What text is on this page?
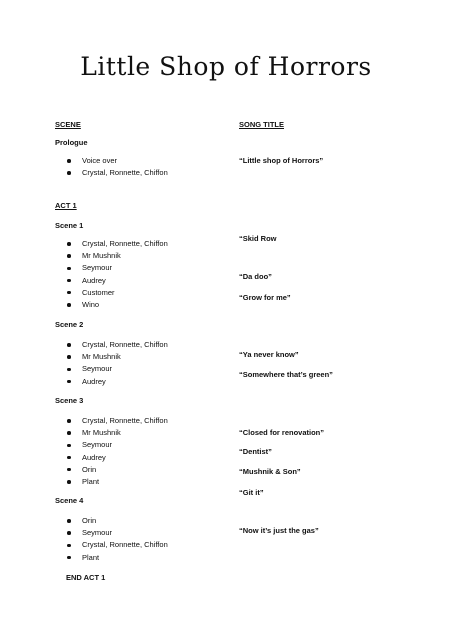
Little Shop of Horrors
SCENE	SONG TITLE
Prologue
Voice over
Crystal, Ronnette, Chiffon
“Little shop of Horrors”
ACT 1
Scene 1
Crystal, Ronnette, Chiffon
Mr Mushnik
Seymour
Audrey
Customer
Wino
“Skid Row
“Da doo”
“Grow for me”
Scene 2
Crystal, Ronnette, Chiffon
Mr Mushnik
Seymour
Audrey
“Ya never know”
“Somewhere that’s green”
Scene 3
Crystal, Ronnette, Chiffon
Mr Mushnik
Seymour
Audrey
Orin
Plant
“Closed for renovation”
“Dentist”
“Mushnik & Son”
“Git it”
Scene 4
Orin
Seymour
Crystal, Ronnette, Chiffon
Plant
“Now it’s just the gas”
END ACT 1
